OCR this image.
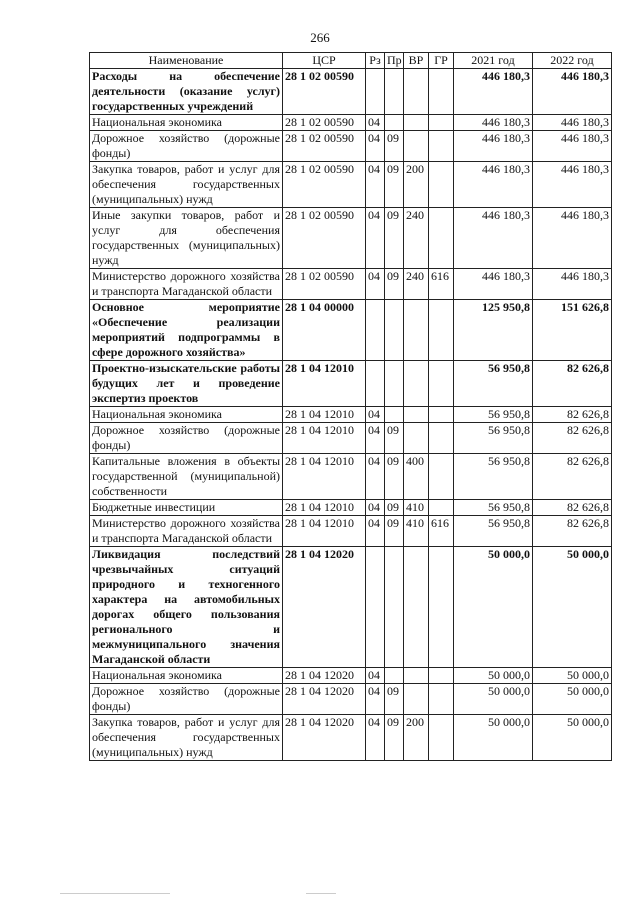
266
Наименование	ЦСР	Рз	Пр	ВР	ГР	2021 год	2022 год
Расходы на обеспечение деятельности (оказание услуг) государственных учреждений	28 1 02 00590					446 180,3	446 180,3
Национальная экономика	28 1 02 00590	04				446 180,3	446 180,3
Дорожное хозяйство (дорожные фонды)	28 1 02 00590	04	09			446 180,3	446 180,3
Закупка товаров, работ и услуг для обеспечения государственных (муниципальных) нужд	28 1 02 00590	04	09	200		446 180,3	446 180,3
Иные закупки товаров, работ и услуг для обеспечения государственных (муниципальных) нужд	28 1 02 00590	04	09	240		446 180,3	446 180,3
Министерство дорожного хозяйства и транспорта Магаданской области	28 1 02 00590	04	09	240	616	446 180,3	446 180,3
Основное мероприятие «Обеспечение реализации мероприятий подпрограммы в сфере дорожного хозяйства»	28 1 04 00000					125 950,8	151 626,8
Проектно-изыскательские работы будущих лет и проведение экспертиз проектов	28 1 04 12010					56 950,8	82 626,8
Национальная экономика	28 1 04 12010	04				56 950,8	82 626,8
Дорожное хозяйство (дорожные фонды)	28 1 04 12010	04	09			56 950,8	82 626,8
Капитальные вложения в объекты государственной (муниципальной) собственности	28 1 04 12010	04	09	400		56 950,8	82 626,8
Бюджетные инвестиции	28 1 04 12010	04	09	410		56 950,8	82 626,8
Министерство дорожного хозяйства и транспорта Магаданской области	28 1 04 12010	04	09	410	616	56 950,8	82 626,8
Ликвидация последствий чрезвычайных ситуаций природного и техногенного характера на автомобильных дорогах общего пользования регионального и межмуниципального значения Магаданской области	28 1 04 12020					50 000,0	50 000,0
Национальная экономика	28 1 04 12020	04				50 000,0	50 000,0
Дорожное хозяйство (дорожные фонды)	28 1 04 12020	04	09			50 000,0	50 000,0
Закупка товаров, работ и услуг для обеспечения государственных (муниципальных) нужд	28 1 04 12020	04	09	200		50 000,0	50 000,0
